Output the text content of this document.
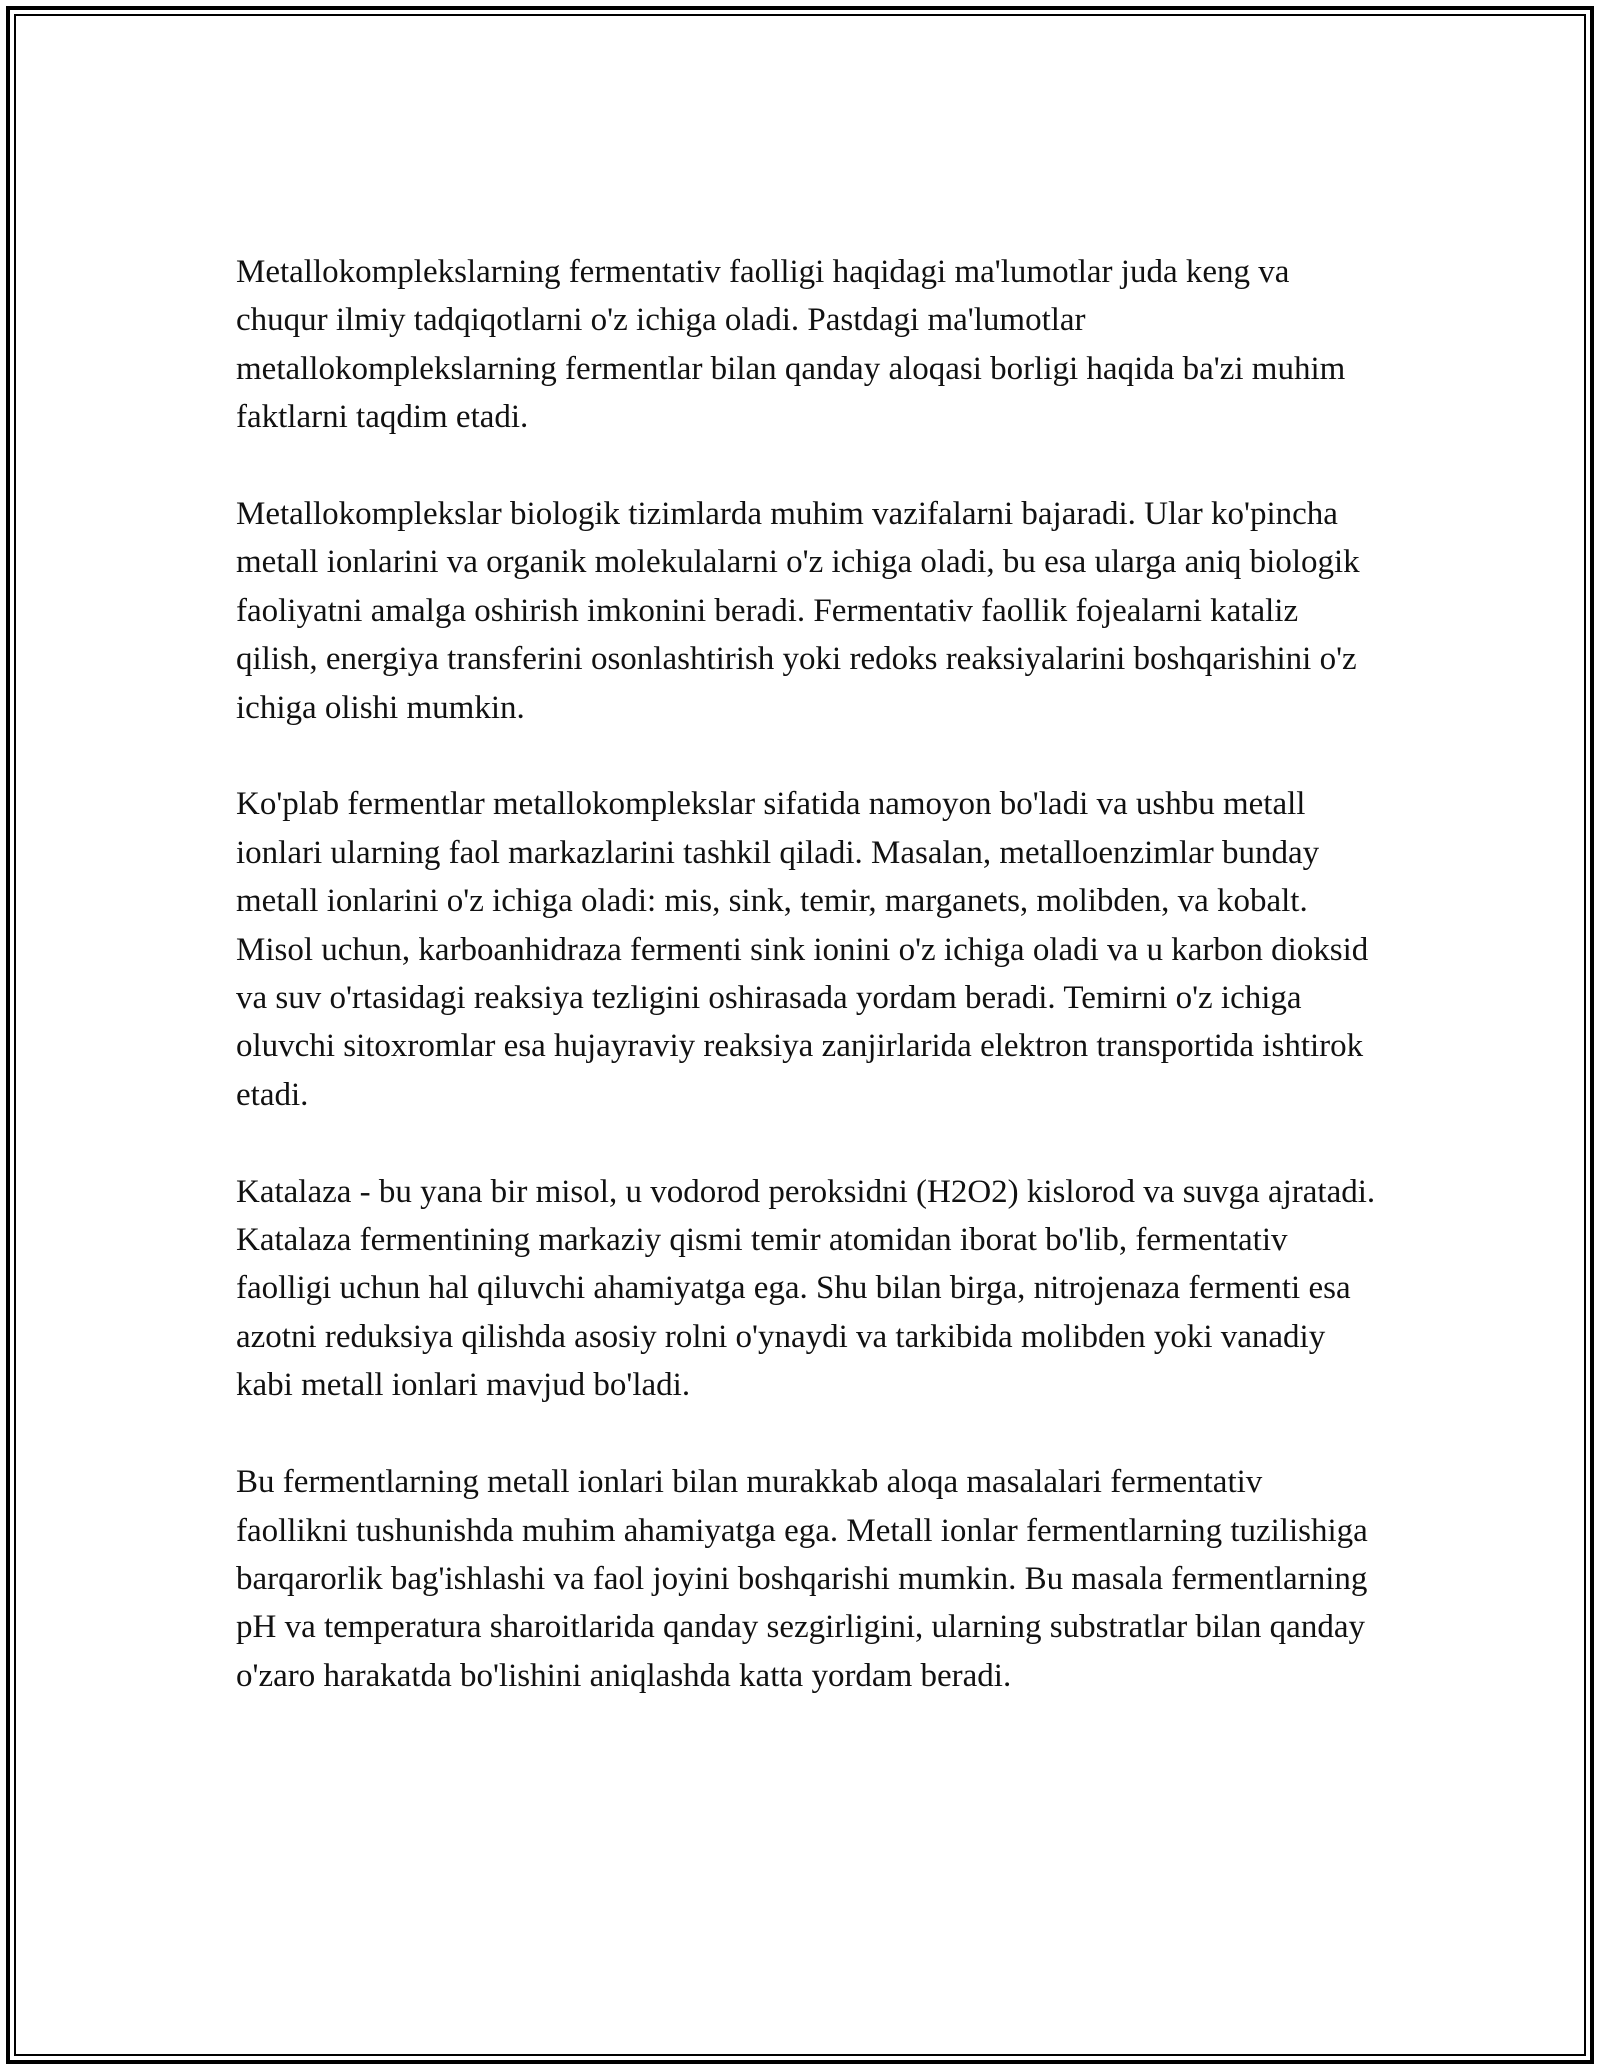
Metallokomplekslarning fermentativ faolligi haqidagi ma'lumotlar juda keng va chuqur ilmiy tadqiqotlarni o'z ichiga oladi. Pastdagi ma'lumotlar metallokomplekslarning fermentlar bilan qanday aloqasi borligi haqida ba'zi muhim faktlarni taqdim etadi.

Metallokomplekslar biologik tizimlarda muhim vazifalarni bajaradi. Ular ko'pincha metall ionlarini va organik molekulalarni o'z ichiga oladi, bu esa ularga aniq biologik faoliyatni amalga oshirish imkonini beradi. Fermentativ faollik fojealarni kataliz qilish, energiya transferini osonlashtirish yoki redoks reaksiyalarini boshqarishini o'z ichiga olishi mumkin.

Ko'plab fermentlar metallokomplekslar sifatida namoyon bo'ladi va ushbu metall ionlari ularning faol markazlarini tashkil qiladi. Masalan, metalloenzimlar bunday metall ionlarini o'z ichiga oladi: mis, sink, temir, marganets, molibden, va kobalt. Misol uchun, karboanhidraza fermenti sink ionini o'z ichiga oladi va u karbon dioksid va suv o'rtasidagi reaksiya tezligini oshirasada yordam beradi. Temirni o'z ichiga oluvchi sitoxromlar esa hujayraviy reaksiya zanjirlarida elektron transportida ishtirok etadi.

Katalaza - bu yana bir misol, u vodorod peroksidni (H2O2) kislorod va suvga ajratadi. Katalaza fermentining markaziy qismi temir atomidan iborat bo'lib, fermentativ faolligi uchun hal qiluvchi ahamiyatga ega. Shu bilan birga, nitrojenaza fermenti esa azotni reduksiya qilishda asosiy rolni o'ynaydi va tarkibida molibden yoki vanadiy kabi metall ionlari mavjud bo'ladi.

Bu fermentlarning metall ionlari bilan murakkab aloqa masalalari fermentativ faollikni tushunishda muhim ahamiyatga ega. Metall ionlar fermentlarning tuzilishiga barqarorlik bag'ishlashi va faol joyini boshqarishi mumkin. Bu masala fermentlarning pH va temperatura sharoitlarida qanday sezgirligini, ularning substratlar bilan qanday o'zaro harakatda bo'lishini aniqlashda katta yordam beradi.
